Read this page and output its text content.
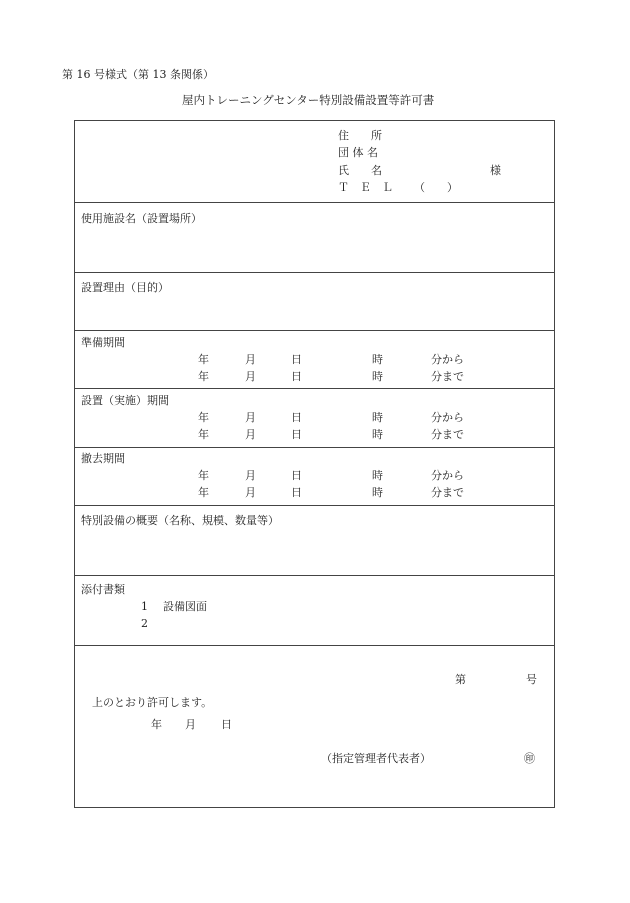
第 16 号様式（第 13 条関係）
屋内トレーニングセンター特別設備設置等許可書
住　　所
団 体 名
氏　　名	様
Ｔ　Ｅ　Ｌ （　　）
使用施設名（設置場所）
設置理由（目的）
準備期間
年	月	日	時	分から
年	月	日	時	分まで
設置（実施）期間
年	月	日	時	分から
年	月	日	時	分まで
撤去期間
年	月	日	時	分から
年	月	日	時	分まで
特別設備の概要（名称、規模、数量等）
添付書類
1 設備図面
2
第	号
上のとおり許可します。
年 月 日
（指定管理者代表者）	㊞
